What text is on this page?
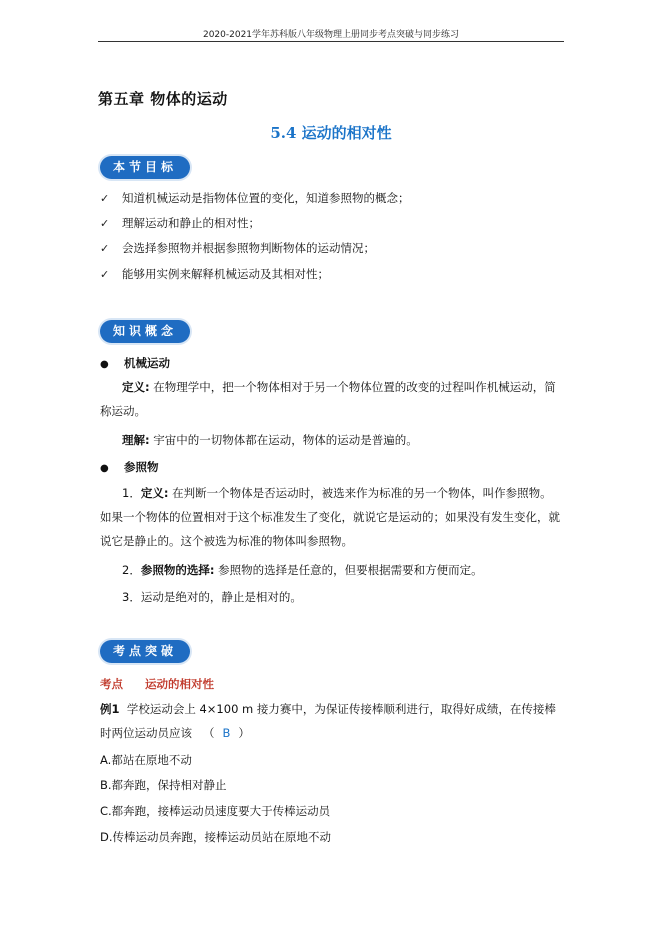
2020-2021学年苏科版八年级物理上册同步考点突破与同步练习
第五章 物体的运动
5.4 运动的相对性
本节目标
✓ 知道机械运动是指物体位置的变化，知道参照物的概念；
✓ 理解运动和静止的相对性；
✓ 会选择参照物并根据参照物判断物体的运动情况；
✓ 能够用实例来解释机械运动及其相对性；
知识概念
● 机械运动
定义: 在物理学中，把一个物体相对于另一个物体位置的改变的过程叫作机械运动，简
称运动。
理解: 宇宙中的一切物体都在运动，物体的运动是普遍的。
● 参照物
1．定义: 在判断一个物体是否运动时，被选来作为标准的另一个物体，叫作参照物。
如果一个物体的位置相对于这个标准发生了变化，就说它是运动的；如果没有发生变化，就
说它是静止的。这个被选为标准的物体叫参照物。
2．参照物的选择: 参照物的选择是任意的，但要根据需要和方便而定。
3．运动是绝对的，静止是相对的。
考点突破
考点 运动的相对性
例1 学校运动会上 4×100 m 接力赛中，为保证传接棒顺利进行，取得好成绩，在传接棒
时两位运动员应该 （ B ）
A.都站在原地不动
B.都奔跑，保持相对静止
C.都奔跑，接棒运动员速度要大于传棒运动员
D.传棒运动员奔跑，接棒运动员站在原地不动
